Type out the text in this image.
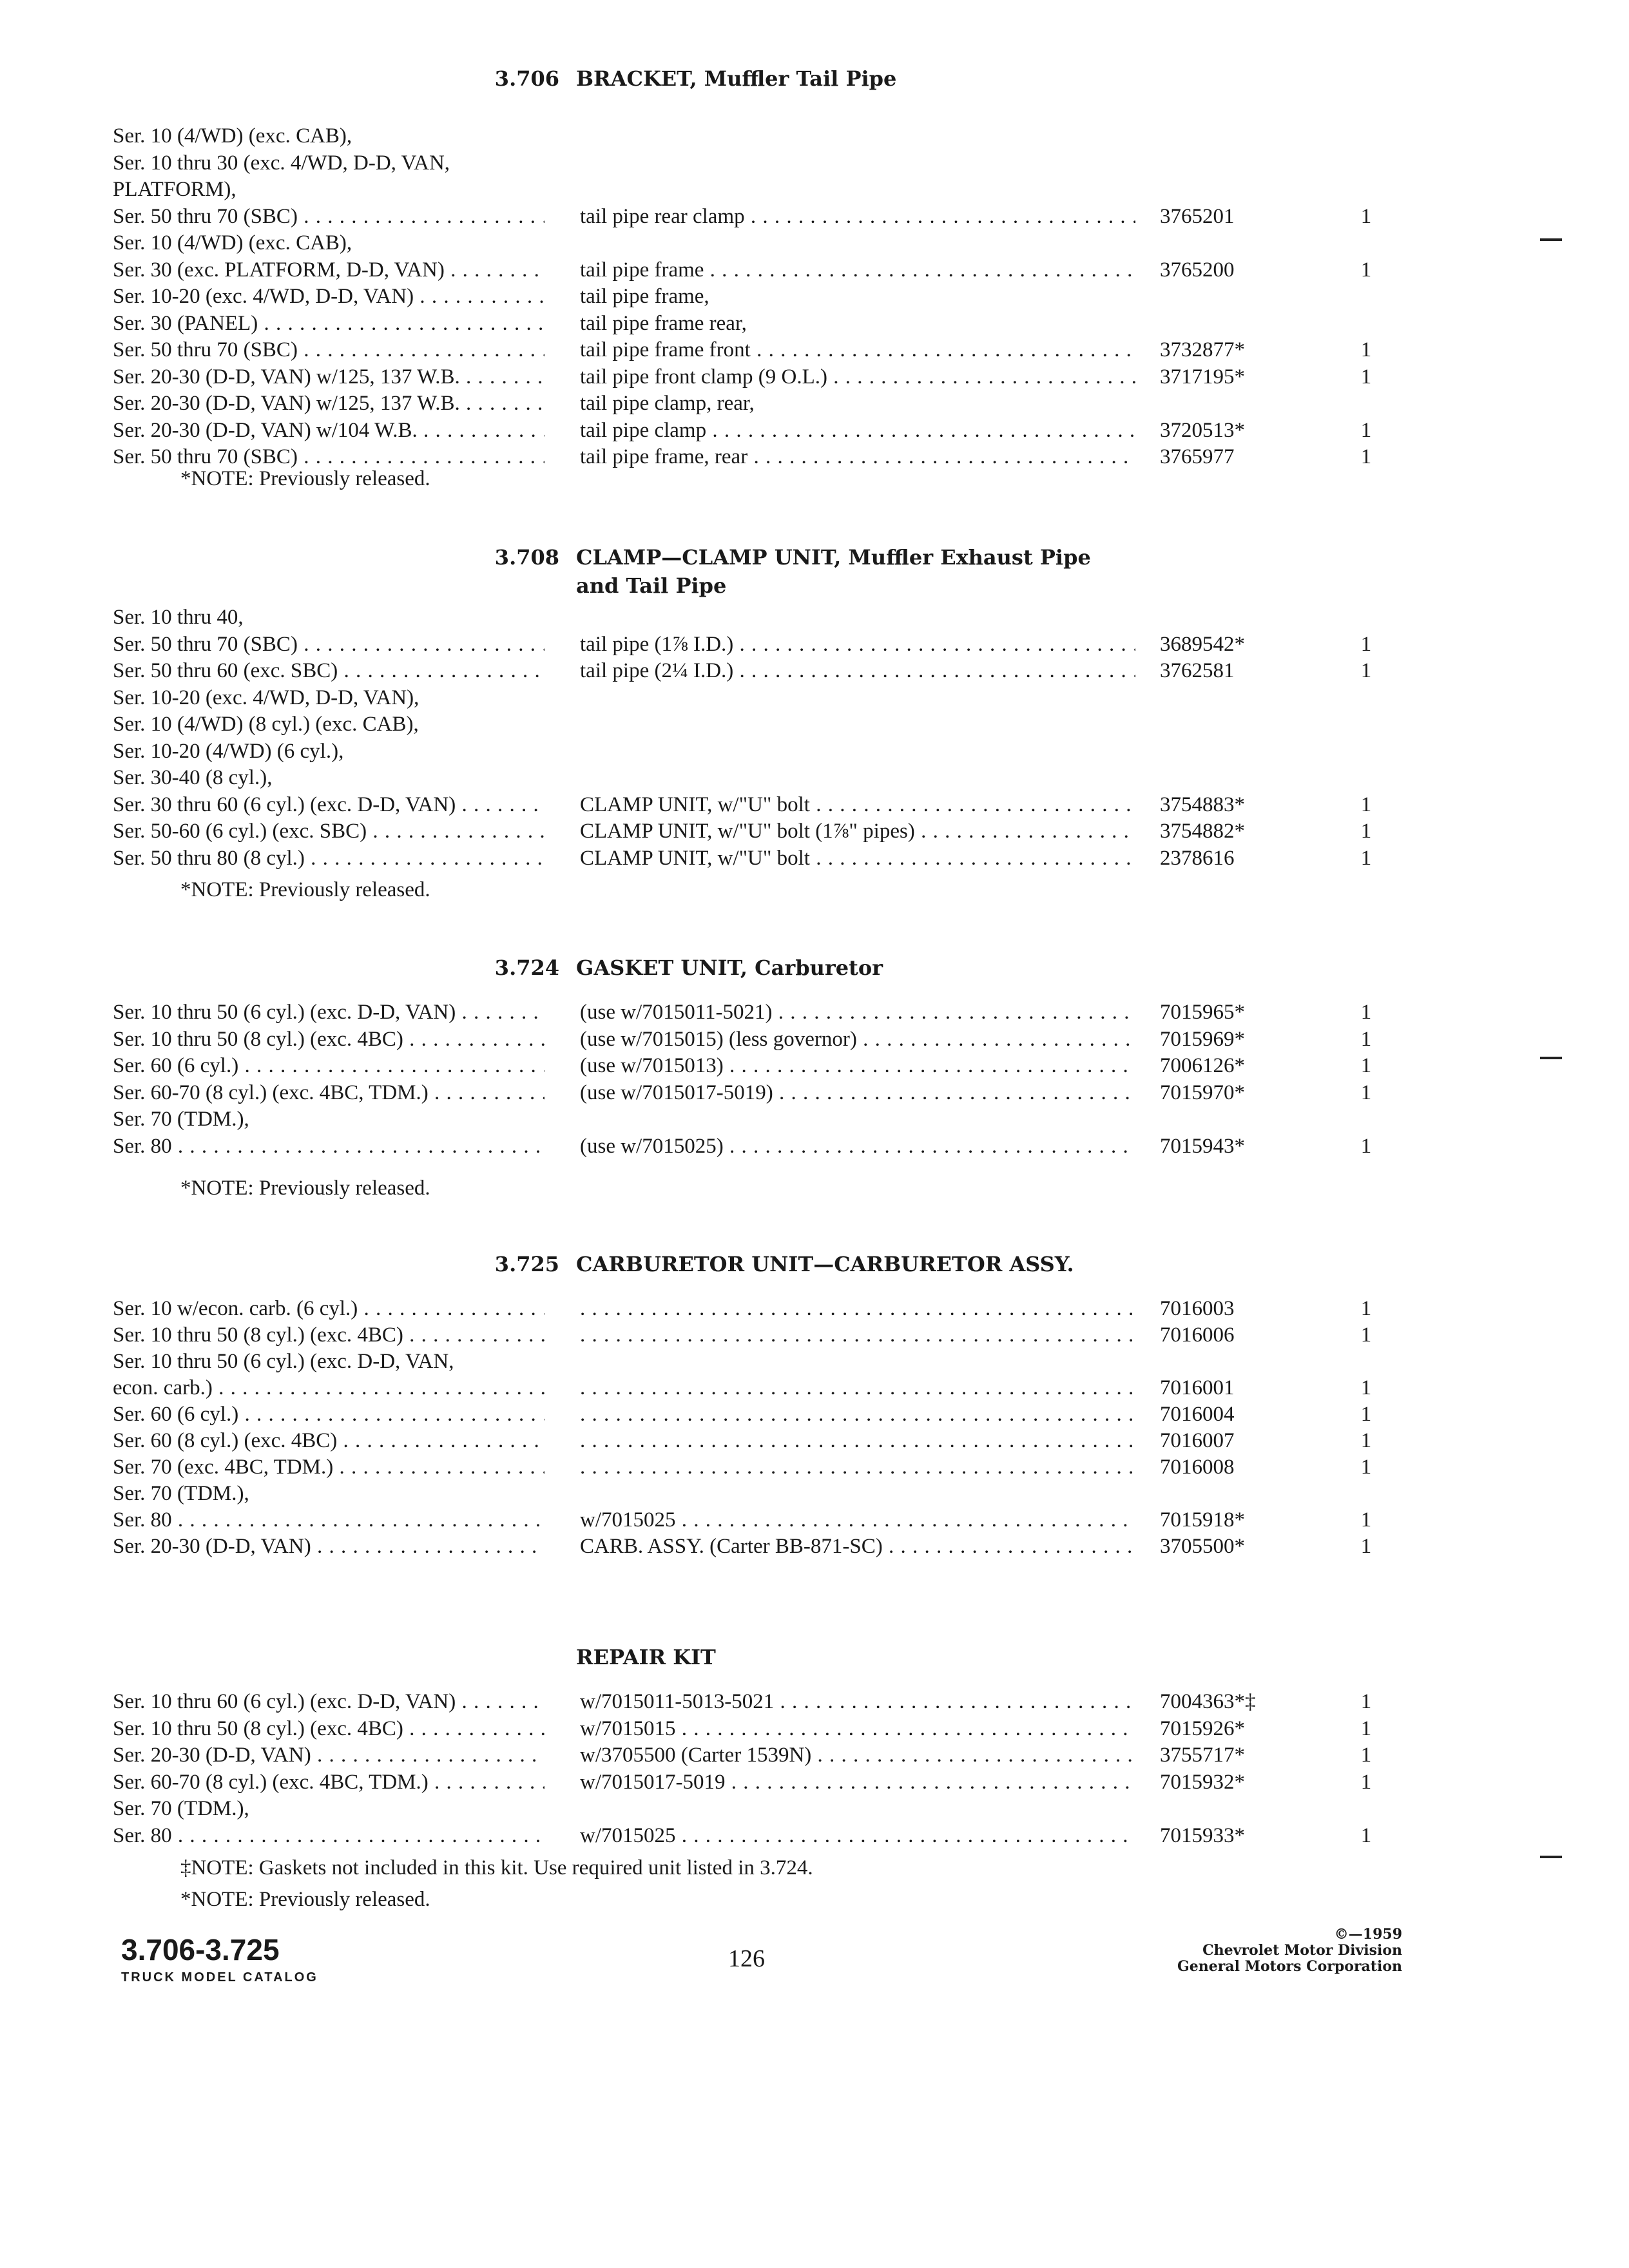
3.706 BRACKET, Muffler Tail Pipe
Ser. 10 (4/WD) (exc. CAB),
Ser. 10 thru 30 (exc. 4/WD, D-D, VAN,
PLATFORM),
Ser. 50 thru 70 (SBC) . . .	tail pipe rear clamp . . .	3765201	1
Ser. 10 (4/WD) (exc. CAB),
Ser. 30 (exc. PLATFORM, D-D, VAN) . . .	tail pipe frame . . .	3765200	1
Ser. 10-20 (exc. 4/WD, D-D, VAN) . . .	tail pipe frame,
Ser. 30 (PANEL) . . .	tail pipe frame rear,
Ser. 50 thru 70 (SBC) . . .	tail pipe frame front . . .	3732877*	1
Ser. 20-30 (D-D, VAN) w/125, 137 W.B. . . .	tail pipe front clamp (9 O.L.) . . .	3717195*	1
Ser. 20-30 (D-D, VAN) w/125, 137 W.B. . . .	tail pipe clamp, rear,
Ser. 20-30 (D-D, VAN) w/104 W.B. . . .	tail pipe clamp . . .	3720513*	1
Ser. 50 thru 70 (SBC) . . .	tail pipe frame, rear . . .	3765977	1
*NOTE: Previously released.
3.708 CLAMP—CLAMP UNIT, Muffler Exhaust Pipe
and Tail Pipe
Ser. 10 thru 40,
Ser. 50 thru 70 (SBC) . . .	tail pipe (1⅞ I.D.) . . .	3689542*	1
Ser. 50 thru 60 (exc. SBC) . . .	tail pipe (2¼ I.D.) . . .	3762581	1
Ser. 10-20 (exc. 4/WD, D-D, VAN),
Ser. 10 (4/WD) (8 cyl.) (exc. CAB),
Ser. 10-20 (4/WD) (6 cyl.),
Ser. 30-40 (8 cyl.),
Ser. 30 thru 60 (6 cyl.) (exc. D-D, VAN) . . .	CLAMP UNIT, w/"U" bolt . . .	3754883*	1
Ser. 50-60 (6 cyl.) (exc. SBC) . . .	CLAMP UNIT, w/"U" bolt (1⅞" pipes) . . .	3754882*	1
Ser. 50 thru 80 (8 cyl.) . . .	CLAMP UNIT, w/"U" bolt . . .	2378616	1
*NOTE: Previously released.
3.724 GASKET UNIT, Carburetor
Ser. 10 thru 50 (6 cyl.) (exc. D-D, VAN) . . .	(use w/7015011-5021) . . .	7015965*	1
Ser. 10 thru 50 (8 cyl.) (exc. 4BC) . . .	(use w/7015015) (less governor) . . .	7015969*	1
Ser. 60 (6 cyl.) . . .	(use w/7015013) . . .	7006126*	1
Ser. 60-70 (8 cyl.) (exc. 4BC, TDM.) . . .	(use w/7015017-5019) . . .	7015970*	1
Ser. 70 (TDM.),
Ser. 80 . . .	(use w/7015025) . . .	7015943*	1
*NOTE: Previously released.
3.725 CARBURETOR UNIT—CARBURETOR ASSY.
Ser. 10 w/econ. carb. (6 cyl.) . . . . . .	7016003	1
Ser. 10 thru 50 (8 cyl.) (exc. 4BC) . . . . . .	7016006	1
Ser. 10 thru 50 (6 cyl.) (exc. D-D, VAN,
econ. carb.) . . . . . .	7016001	1
Ser. 60 (6 cyl.) . . . . . .	7016004	1
Ser. 60 (8 cyl.) (exc. 4BC) . . . . . .	7016007	1
Ser. 70 (exc. 4BC, TDM.) . . . . . .	7016008	1
Ser. 70 (TDM.),
Ser. 80 . . .	w/7015025 . . .	7015918*	1
Ser. 20-30 (D-D, VAN) . . .	CARB. ASSY. (Carter BB-871-SC) . . .	3705500*	1
REPAIR KIT
Ser. 10 thru 60 (6 cyl.) (exc. D-D, VAN) . . .	w/7015011-5013-5021 . . .	7004363*‡	1
Ser. 10 thru 50 (8 cyl.) (exc. 4BC) . . .	w/7015015 . . .	7015926*	1
Ser. 20-30 (D-D, VAN) . . .	w/3705500 (Carter 1539N) . . .	3755717*	1
Ser. 60-70 (8 cyl.) (exc. 4BC, TDM.) . . .	w/7015017-5019 . . .	7015932*	1
Ser. 70 (TDM.),
Ser. 80 . . .	w/7015025 . . .	7015933*	1
‡NOTE: Gaskets not included in this kit. Use required unit listed in 3.724.
*NOTE: Previously released.
3.706-3.725
TRUCK MODEL CATALOG
126
©—1959
Chevrolet Motor Division
General Motors Corporation
